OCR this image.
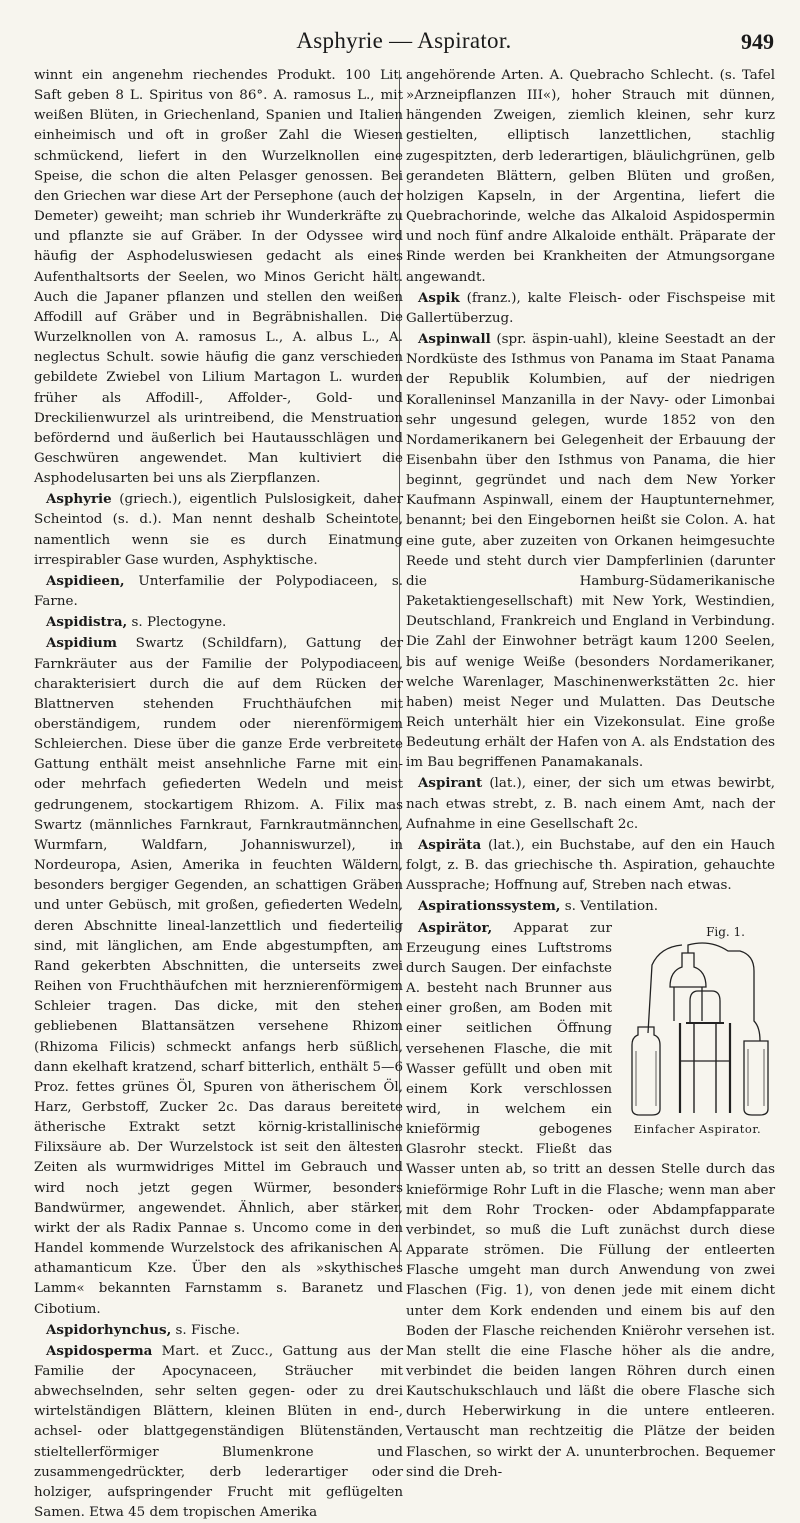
Asphyrie — Aspirator.	949

winnt ein angenehm riechendes Produkt. 100 Lit. Saft geben 8 L. Spiritus von 86°. A. ramosus L., mit weißen Blüten, in Griechenland, Spanien und Italien einheimisch und oft in großer Zahl die Wiesen schmückend, liefert in den Wurzelknollen eine Speise, die schon die alten Pelasger genossen. Bei den Griechen war diese Art der Persephone (auch der Demeter) geweiht; man schrieb ihr Wunderkräfte zu und pflanzte sie auf Gräber. In der Odyssee wird häufig der Asphodeluswiesen gedacht als eines Aufenthaltsorts der Seelen, wo Minos Gericht hält. Auch die Japaner pflanzen und stellen den weißen Affodill auf Gräber und in Begräbnishallen. Die Wurzelknollen von A. ramosus L., A. albus L., A. neglectus Schult. sowie häufig die ganz verschieden gebildete Zwiebel von Lilium Martagon L. wurden früher als Affodill-, Affolder-, Gold- und Dreckilienwurzel als urintreibend, die Menstruation befördernd und äußerlich bei Hautausschlägen und Geschwüren angewendet. Man kultiviert die Asphodelusarten bei uns als Zierpflanzen.

Asphyrie (griech.), eigentlich Pulslosigkeit, daher Scheintod (s. d.). Man nennt deshalb Scheintote, namentlich wenn sie es durch Einatmung irrespirabler Gase wurden, Asphyktische.

Aspidieen, Unterfamilie der Polypodiaceen, s. Farne.

Aspidistra, s. Plectogyne.

Aspidium Swartz (Schildfarn), Gattung der Farnkräuter aus der Familie der Polypodiaceen, charakterisiert durch die auf dem Rücken der Blattnerven stehenden Fruchthäufchen mit oberständigem, rundem oder nierenförmigem Schleierchen. Diese über die ganze Erde verbreitete Gattung enthält meist ansehnliche Farne mit ein- oder mehrfach gefiederten Wedeln und meist gedrungenem, stockartigem Rhizom. A. Filix mas Swartz (männliches Farnkraut, Farnkrautmännchen, Wurmfarn, Waldfarn, Johanniswurzel), in Nordeuropa, Asien, Amerika in feuchten Wäldern, besonders bergiger Gegenden, an schattigen Gräben und unter Gebüsch, mit großen, gefiederten Wedeln, deren Abschnitte lineal-lanzettlich und fiederteilig sind, mit länglichen, am Ende abgestumpften, am Rand gekerbten Abschnitten, die unterseits zwei Reihen von Fruchthäufchen mit herznierenförmigem Schleier tragen. Das dicke, mit den stehen gebliebenen Blattansätzen versehene Rhizom (Rhizoma Filicis) schmeckt anfangs herb süßlich, dann ekelhaft kratzend, scharf bitterlich, enthält 5—6 Proz. fettes grünes Öl, Spuren von ätherischem Öl, Harz, Gerbstoff, Zucker 2c. Das daraus bereitete ätherische Extrakt setzt körnig-kristallinische Filixsäure ab. Der Wurzelstock ist seit den ältesten Zeiten als wurmwidriges Mittel im Gebrauch und wird noch jetzt gegen Würmer, besonders Bandwürmer, angewendet. Ähnlich, aber stärker, wirkt der als Radix Pannae s. Uncomo come in den Handel kommende Wurzelstock des afrikanischen A. athamanticum Kze. Über den als »skythisches Lamm« bekannten Farnstamm s. Baranetz und Cibotium.

Aspidorhynchus, s. Fische.

Aspidosperma Mart. et Zucc., Gattung aus der Familie der Apocynaceen, Sträucher mit abwechselnden, sehr selten gegen- oder zu drei wirtelständigen Blättern, kleinen Blüten in end-, achsel- oder blattgegenständigen Blütenständen, stieltellerförmiger Blumenkrone und zusammengedrückter, derb lederartiger oder holziger, aufspringender Frucht mit geflügelten Samen. Etwa 45 dem tropischen Amerika

angehörende Arten. A. Quebracho Schlecht. (s. Tafel »Arzneipflanzen III«), hoher Strauch mit dünnen, hängenden Zweigen, ziemlich kleinen, sehr kurz gestielten, elliptisch lanzettlichen, stachlig zugespitzten, derb lederartigen, bläulichgrünen, gelb gerandeten Blättern, gelben Blüten und großen, holzigen Kapseln, in der Argentina, liefert die Quebrachorinde, welche das Alkaloid Aspidospermin und noch fünf andre Alkaloide enthält. Präparate der Rinde werden bei Krankheiten der Atmungsorgane angewandt.

Aspik (franz.), kalte Fleisch- oder Fischspeise mit Gallertüberzug.

Aspinwall (spr. äspin-uahl), kleine Seestadt an der Nordküste des Isthmus von Panama im Staat Panama der Republik Kolumbien, auf der niedrigen Koralleninsel Manzanilla in der Navy- oder Limonbai sehr ungesund gelegen, wurde 1852 von den Nordamerikanern bei Gelegenheit der Erbauung der Eisenbahn über den Isthmus von Panama, die hier beginnt, gegründet und nach dem New Yorker Kaufmann Aspinwall, einem der Hauptunternehmer, benannt; bei den Eingebornen heißt sie Colon. A. hat eine gute, aber zuzeiten von Orkanen heimgesuchte Reede und steht durch vier Dampferlinien (darunter die Hamburg-Südamerikanische Paketaktiengesellschaft) mit New York, Westindien, Deutschland, Frankreich und England in Verbindung. Die Zahl der Einwohner beträgt kaum 1200 Seelen, bis auf wenige Weiße (besonders Nordamerikaner, welche Warenlager, Maschinenwerkstätten 2c. hier haben) meist Neger und Mulatten. Das Deutsche Reich unterhält hier ein Vizekonsulat. Eine große Bedeutung erhält der Hafen von A. als Endstation des im Bau begriffenen Panamakanals.

Aspirant (lat.), einer, der sich um etwas bewirbt, nach etwas strebt, z. B. nach einem Amt, nach der Aufnahme in eine Gesellschaft 2c.

Aspiräta (lat.), ein Buchstabe, auf den ein Hauch folgt, z. B. das griechische th. Aspiration, gehauchte Aussprache; Hoffnung auf, Streben nach etwas.

Aspirationssystem, s. Ventilation.

Fig. 1.
Einfacher Aspirator.

Aspirätor, Apparat zur Erzeugung eines Luftstroms durch Saugen. Der einfachste A. besteht nach Brunner aus einer großen, am Boden mit einer seitlichen Öffnung versehenen Flasche, die mit Wasser gefüllt und oben mit einem Kork verschlossen wird, in welchem ein knieförmig gebogenes Glasrohr steckt. Fließt das Wasser unten ab, so tritt an dessen Stelle durch das knieförmige Rohr Luft in die Flasche; wenn man aber mit dem Rohr Trocken- oder Abdampfapparate verbindet, so muß die Luft zunächst durch diese Apparate strömen. Die Füllung der entleerten Flasche umgeht man durch Anwendung von zwei Flaschen (Fig. 1), von denen jede mit einem dicht unter dem Kork endenden und einem bis auf den Boden der Flasche reichenden Kniërohr versehen ist. Man stellt die eine Flasche höher als die andre, verbindet die beiden langen Röhren durch einen Kautschukschlauch und läßt die obere Flasche sich durch Heberwirkung in die untere entleeren. Vertauscht man rechtzeitig die Plätze der beiden Flaschen, so wirkt der A. ununterbrochen. Bequemer sind die Dreh-
